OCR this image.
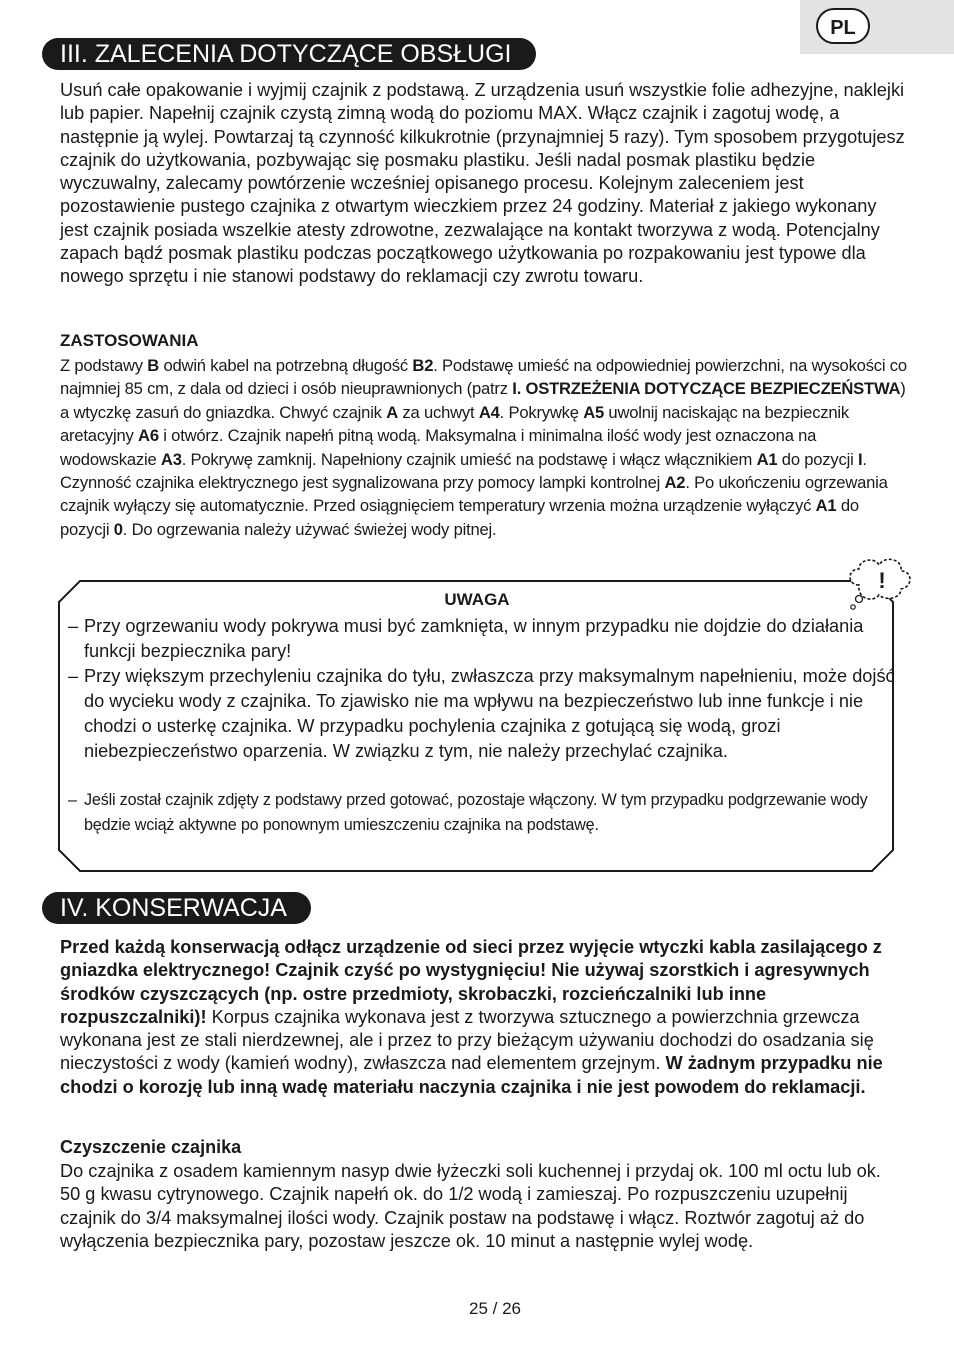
PL
III. ZALECENIA DOTYCZĄCE OBSŁUGI

Usuń całe opakowanie i wyjmij czajnik z podstawą. Z urządzenia usuń wszystkie folie adhezyjne, naklejki lub papier. Napełnij czajnik czystą zimną wodą do poziomu MAX. Włącz czajnik i zagotuj wodę, a następnie ją wylej. Powtarzaj tą czynność kilkukrotnie (przynajmniej 5 razy). Tym sposobem przygotujesz czajnik do użytkowania, pozbywając się posmaku plastiku. Jeśli nadal posmak plastiku będzie wyczuwalny, zalecamy powtórzenie wcześniej opisanego procesu. Kolejnym zaleceniem jest pozostawienie pustego czajnika z otwartym wieczkiem przez 24 godziny. Materiał z jakiego wykonany jest czajnik posiada wszelkie atesty zdrowotne, zezwalające na kontakt tworzywa z wodą. Potencjalny zapach bądź posmak plastiku podczas początkowego użytkowania po rozpakowaniu jest typowe dla nowego sprzętu i nie stanowi podstawy do reklamacji czy zwrotu towaru.

ZASTOSOWANIA

Z podstawy B odwiń kabel na potrzebną długość B2. Podstawę umieść na odpowiedniej powierzchni, na wysokości co najmniej 85 cm, z dala od dzieci i osób nieuprawnionych (patrz I. OSTRZEŻENIA DOTYCZĄCE BEZPIECZEŃSTWA) a wtyczkę zasuń do gniazdka. Chwyć czajnik A za uchwyt A4. Pokrywkę A5 uwolnij naciskając na bezpiecznik aretacyjny A6 i otwórz. Czajnik napełń pitną wodą. Maksymalna i minimalna ilość wody jest oznaczona na wodowskazie A3. Pokrywę zamknij. Napełniony czajnik umieść na podstawę i włącz włącznikiem A1 do pozycji I. Czynność czajnika elektrycznego jest sygnalizowana przy pomocy lampki kontrolnej A2. Po ukończeniu ogrzewania czajnik wyłączy się automatycznie. Przed osiągnięciem temperatury wrzenia można urządzenie wyłączyć A1 do pozycji 0. Do ogrzewania należy używać świeżej wody pitnej.

!
UWAGA

– Przy ogrzewaniu wody pokrywa musi być zamknięta, w innym przypadku nie dojdzie do działania funkcji bezpiecznika pary!

– Przy większym przechyleniu czajnika do tyłu, zwłaszcza przy maksymalnym napełnieniu, może dojść do wycieku wody z czajnika. To zjawisko nie ma wpływu na bezpieczeństwo lub inne funkcje i nie chodzi o usterkę czajnika. W przypadku pochylenia czajnika z gotującą się wodą, grozi niebezpieczeństwo oparzenia. W związku z tym, nie należy przechylać czajnika.

– Jeśli został czajnik zdjęty z podstawy przed gotować, pozostaje włączony. W tym przypadku podgrzewanie wody będzie wciąż aktywne po ponownym umieszczeniu czajnika na podstawę.

IV. KONSERWACJA

Przed każdą konserwacją odłącz urządzenie od sieci przez wyjęcie wtyczki kabla zasilającego z gniazdka elektrycznego! Czajnik czyść po wystygnięciu! Nie używaj szorstkich i agresywnych środków czyszczących (np. ostre przedmioty, skrobaczki, rozcieńczalniki lub inne rozpuszczalniki)! Korpus czajnika wykonava jest z tworzywa sztucznego a powierzchnia grzewcza wykonana jest ze stali nierdzewnej, ale i przez to przy bieżącym używaniu dochodzi do osadzania się nieczystości z wody (kamień wodny), zwłaszcza nad elementem grzejnym. W żadnym przypadku nie chodzi o korozję lub inną wadę materiału naczynia czajnika i nie jest powodem do reklamacji.

Czyszczenie czajnika

Do czajnika z osadem kamiennym nasyp dwie łyżeczki soli kuchennej i przydaj ok. 100 ml octu lub ok. 50 g kwasu cytrynowego. Czajnik napełń ok. do 1/2 wodą i zamieszaj. Po rozpuszczeniu uzupełnij czajnik do 3/4 maksymalnej ilości wody. Czajnik postaw na podstawę i włącz. Roztwór zagotuj aż do wyłączenia bezpiecznika pary, pozostaw jeszcze ok. 10 minut a następnie wylej wodę.

25 / 26
